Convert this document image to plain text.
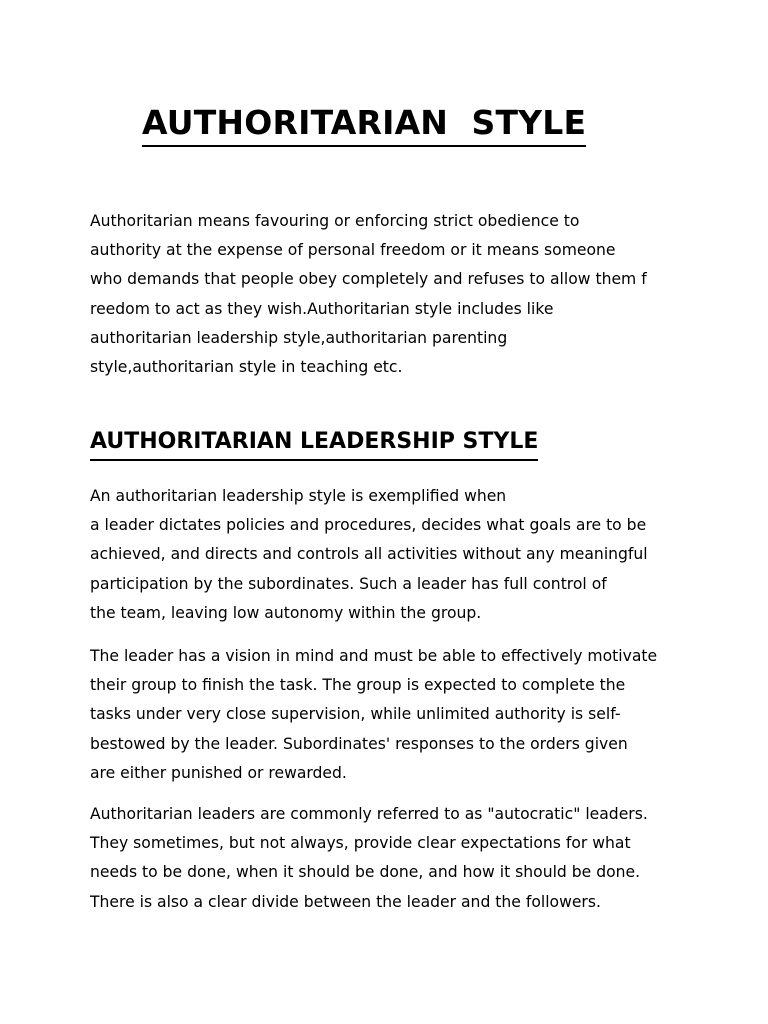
AUTHORITARIAN  STYLE

Authoritarian means favouring or enforcing strict obedience to
authority at the expense of personal freedom or it means someone
who demands that people obey completely and refuses to allow them f
reedom to act as they wish.Authoritarian style includes like
authoritarian leadership style,authoritarian parenting
style,authoritarian style in teaching etc.

AUTHORITARIAN LEADERSHIP STYLE

An authoritarian leadership style is exemplified when
a leader dictates policies and procedures, decides what goals are to be
achieved, and directs and controls all activities without any meaningful
participation by the subordinates. Such a leader has full control of
the team, leaving low autonomy within the group.

The leader has a vision in mind and must be able to effectively motivate
their group to finish the task. The group is expected to complete the
tasks under very close supervision, while unlimited authority is self-
bestowed by the leader. Subordinates' responses to the orders given
are either punished or rewarded.

Authoritarian leaders are commonly referred to as "autocratic" leaders.
They sometimes, but not always, provide clear expectations for what
needs to be done, when it should be done, and how it should be done.
There is also a clear divide between the leader and the followers.
